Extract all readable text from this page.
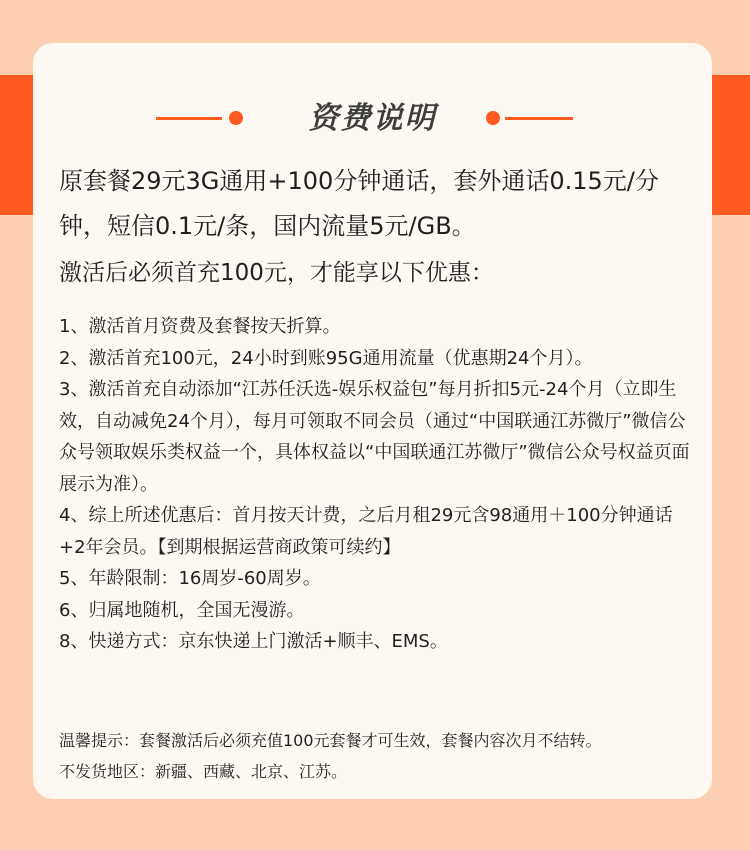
资费说明

原套餐29元3G通用+100分钟通话，套外通话0.15元/分钟，短信0.1元/条，国内流量5元/GB。

激活后必须首充100元，才能享以下优惠：

1、激活首月资费及套餐按天折算。
2、激活首充100元，24小时到账95G通用流量（优惠期24个月）。
3、激活首充自动添加“江苏任沃选-娱乐权益包”每月折扣5元-24个月（立即生效，自动减免24个月），每月可领取不同会员（通过“中国联通江苏微厅”微信公众号领取娱乐类权益一个，具体权益以“中国联通江苏微厅”微信公众号权益页面展示为准）。
4、综上所述优惠后：首月按天计费，之后月租29元含98通用＋100分钟通话+2年会员。【到期根据运营商政策可续约】
5、年龄限制：16周岁-60周岁。
6、归属地随机，全国无漫游。
8、快递方式：京东快递上门激活+顺丰、EMS。

温馨提示：套餐激活后必须充值100元套餐才可生效，套餐内容次月不结转。

不发货地区：新疆、西藏、北京、江苏。
